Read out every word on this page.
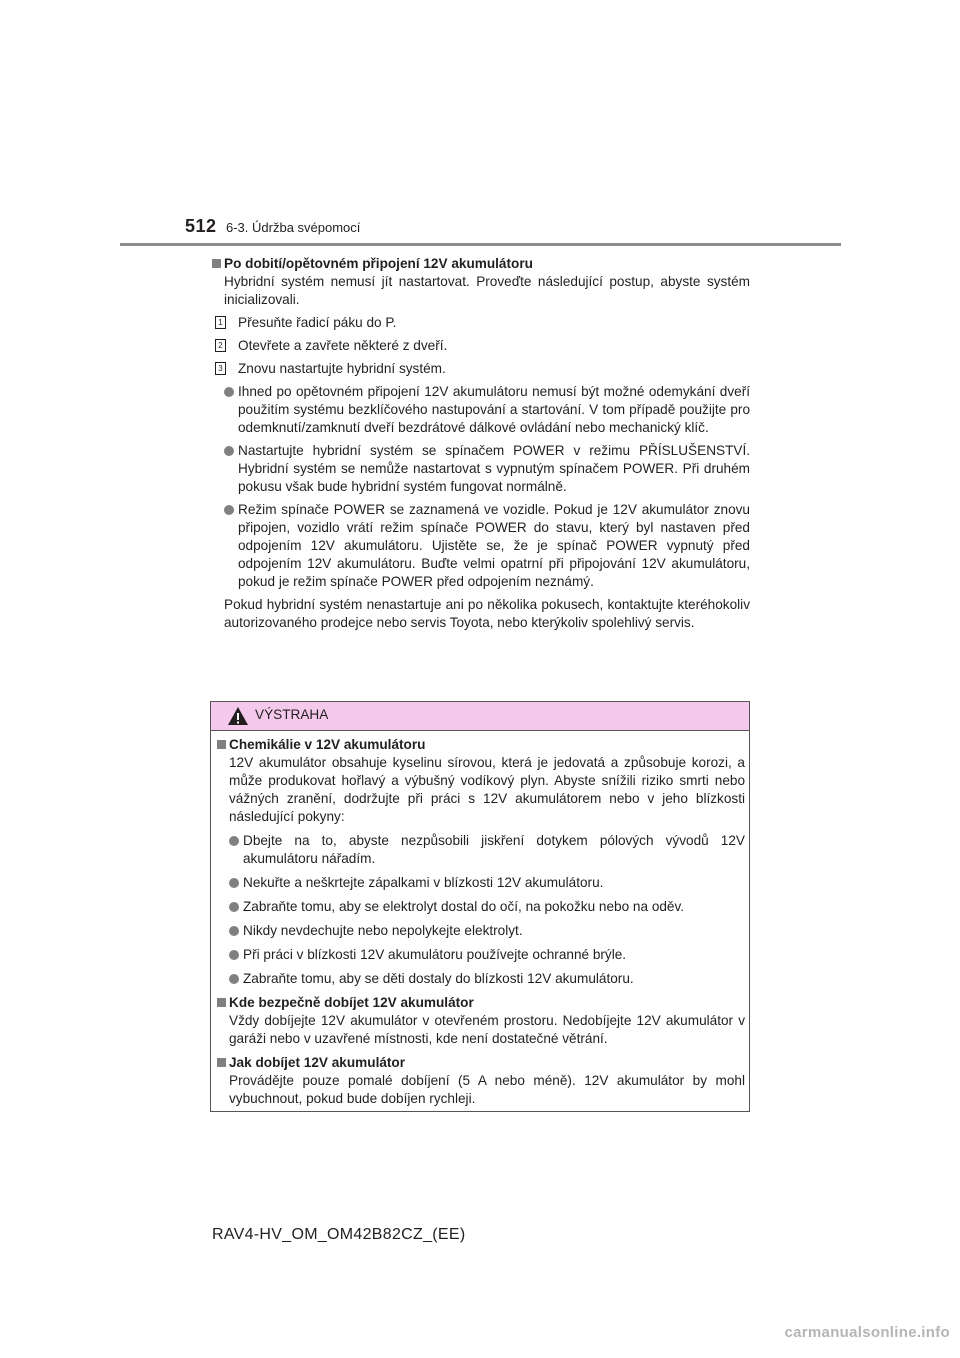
512 6-3. Údržba svépomocí
Po dobití/opětovném připojení 12V akumulátoru
Hybridní systém nemusí jít nastartovat. Proveďte následující postup, abyste systém inicializovali.
1 Přesuňte řadicí páku do P.
2 Otevřete a zavřete některé z dveří.
3 Znovu nastartujte hybridní systém.
Ihned po opětovném připojení 12V akumulátoru nemusí být možné odemykání dveří použitím systému bezklíčového nastupování a startování. V tom případě použijte pro odemknutí/zamknutí dveří bezdrátové dálkové ovládání nebo mechanický klíč.
Nastartujte hybridní systém se spínačem POWER v režimu PŘÍSLUŠENSTVÍ. Hybridní systém se nemůže nastartovat s vypnutým spínačem POWER. Při druhém pokusu však bude hybridní systém fungovat normálně.
Režim spínače POWER se zaznamená ve vozidle. Pokud je 12V akumulátor znovu připojen, vozidlo vrátí režim spínače POWER do stavu, který byl nastaven před odpojením 12V akumulátoru. Ujistěte se, že je spínač POWER vypnutý před odpojením 12V akumulátoru. Buďte velmi opatrní při připojování 12V akumulátoru, pokud je režim spínače POWER před odpojením neznámý.
Pokud hybridní systém nenastartuje ani po několika pokusech, kontaktujte kteréhokoliv autorizovaného prodejce nebo servis Toyota, nebo kterýkoliv spolehlivý servis.
VÝSTRAHA
Chemikálie v 12V akumulátoru
12V akumulátor obsahuje kyselinu sírovou, která je jedovatá a způsobuje korozi, a může produkovat hořlavý a výbušný vodíkový plyn. Abyste snížili riziko smrti nebo vážných zranění, dodržujte při práci s 12V akumulátorem nebo v jeho blízkosti následující pokyny:
Dbejte na to, abyste nezpůsobili jiskření dotykem pólových vývodů 12V akumulátoru nářadím.
Nekuřte a neškrtejte zápalkami v blízkosti 12V akumulátoru.
Zabraňte tomu, aby se elektrolyt dostal do očí, na pokožku nebo na oděv.
Nikdy nevdechujte nebo nepolykejte elektrolyt.
Při práci v blízkosti 12V akumulátoru používejte ochranné brýle.
Zabraňte tomu, aby se děti dostaly do blízkosti 12V akumulátoru.
Kde bezpečně dobíjet 12V akumulátor
Vždy dobíjejte 12V akumulátor v otevřeném prostoru. Nedobíjejte 12V akumulátor v garáži nebo v uzavřené místnosti, kde není dostatečné větrání.
Jak dobíjet 12V akumulátor
Provádějte pouze pomalé dobíjení (5 A nebo méně). 12V akumulátor by mohl vybuchnout, pokud bude dobíjen rychleji.
RAV4-HV_OM_OM42B82CZ_(EE)
carmanualsonline.info
